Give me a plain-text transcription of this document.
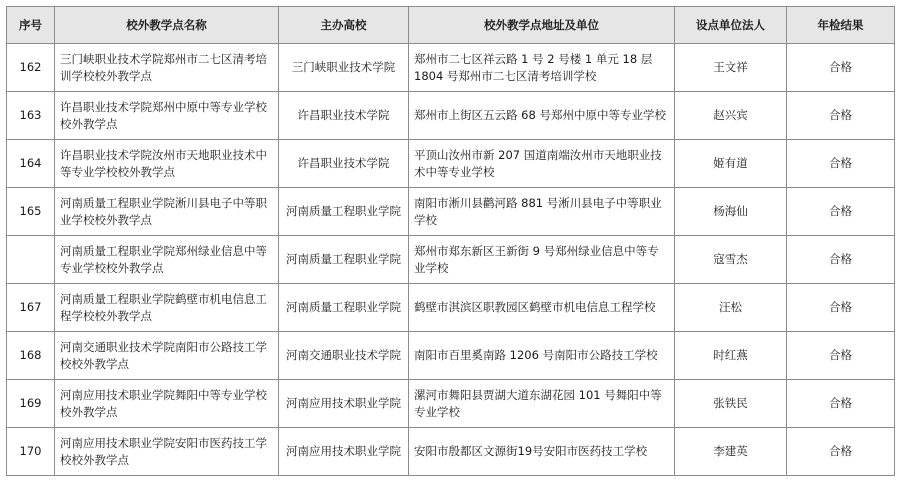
序号	校外教学点名称	主办高校	校外教学点地址及单位	设点单位法人	年检结果
162	三门峡职业技术学院郑州市二七区清考培训学校校外教学点	三门峡职业技术学院	郑州市二七区祥云路 1 号 2 号楼 1 单元 18 层 1804 号郑州市二七区清考培训学校	王文祥	合格
163	许昌职业技术学院郑州中原中等专业学校校外教学点	许昌职业技术学院	郑州市上街区五云路 68 号郑州中原中等专业学校	赵兴宾	合格
164	许昌职业技术学院汝州市天地职业技术中等专业学校校外教学点	许昌职业技术学院	平顶山汝州市新 207 国道南端汝州市天地职业技术中等专业学校	姬有道	合格
165	河南质量工程职业学院淅川县电子中等职业学校校外教学点	河南质量工程职业学院	南阳市淅川县鹳河路 881 号淅川县电子中等职业学校	杨海仙	合格
	河南质量工程职业学院郑州绿业信息中等专业学校校外教学点	河南质量工程职业学院	郑州市郑东新区王新街 9 号郑州绿业信息中等专业学校	寇雪杰	合格
167	河南质量工程职业学院鹤壁市机电信息工程学校校外教学点	河南质量工程职业学院	鹤壁市淇滨区职教园区鹤壁市机电信息工程学校	汪松	合格
168	河南交通职业技术学院南阳市公路技工学校校外教学点	河南交通职业技术学院	南阳市百里奚南路 1206 号南阳市公路技工学校	时红燕	合格
169	河南应用技术职业学院舞阳中等专业学校校外教学点	河南应用技术职业学院	漯河市舞阳县贾湖大道东湖花园 101 号舞阳中等专业学校	张铁民	合格
170	河南应用技术职业学院安阳市医药技工学校校外教学点	河南应用技术职业学院	安阳市殷都区文源街19号安阳市医药技工学校	李建英	合格
